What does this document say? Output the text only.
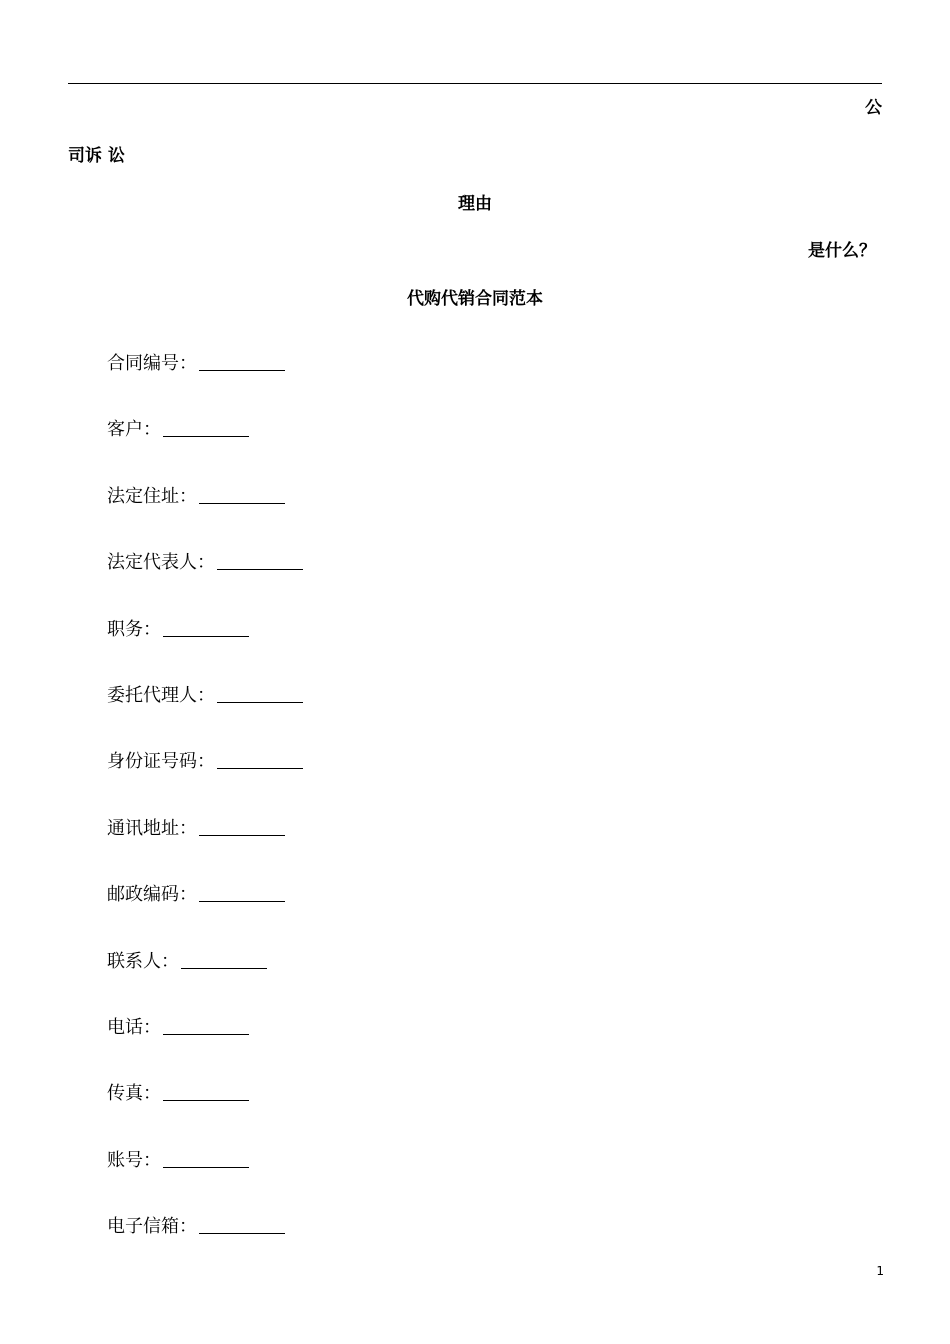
公
司诉 讼
理由
是什么？
代购代销合同范本
合同编号：
客户：
法定住址：
法定代表人：
职务：
委托代理人：
身份证号码：
通讯地址：
邮政编码：
联系人：
电话：
传真：
账号：
电子信箱：
1
